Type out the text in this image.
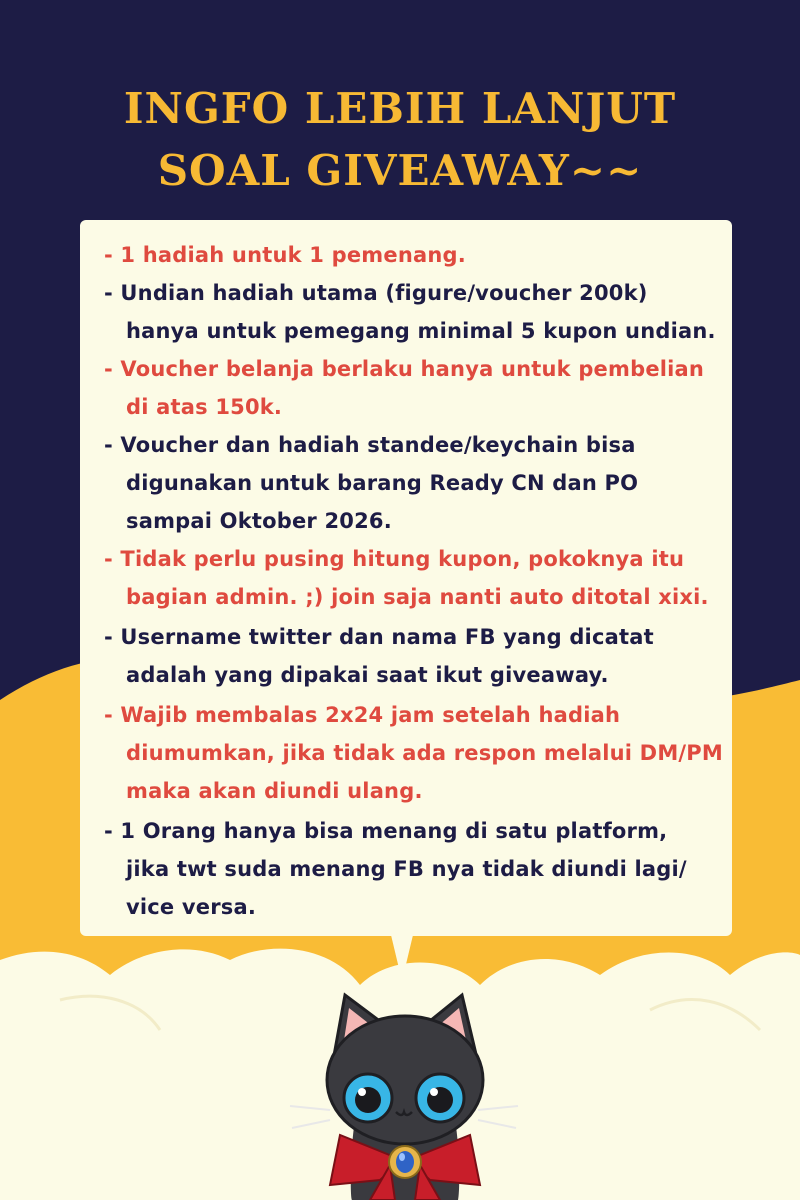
INGFO LEBIH LANJUT
SOAL GIVEAWAY~~
- 1 hadiah untuk 1 pemenang.
- Undian hadiah utama (figure/voucher 200k)
hanya untuk pemegang minimal 5 kupon undian.
- Voucher belanja berlaku hanya untuk pembelian
di atas 150k.
- Voucher dan hadiah standee/keychain bisa
digunakan untuk barang Ready CN dan PO
sampai Oktober 2026.
- Tidak perlu pusing hitung kupon, pokoknya itu
bagian admin. ;) join saja nanti auto ditotal xixi.
- Username twitter dan nama FB yang dicatat
adalah yang dipakai saat ikut giveaway.
- Wajib membalas 2x24 jam setelah hadiah
diumumkan, jika tidak ada respon melalui DM/PM
maka akan diundi ulang.
- 1 Orang hanya bisa menang di satu platform,
jika twt suda menang FB nya tidak diundi lagi/
vice versa.
